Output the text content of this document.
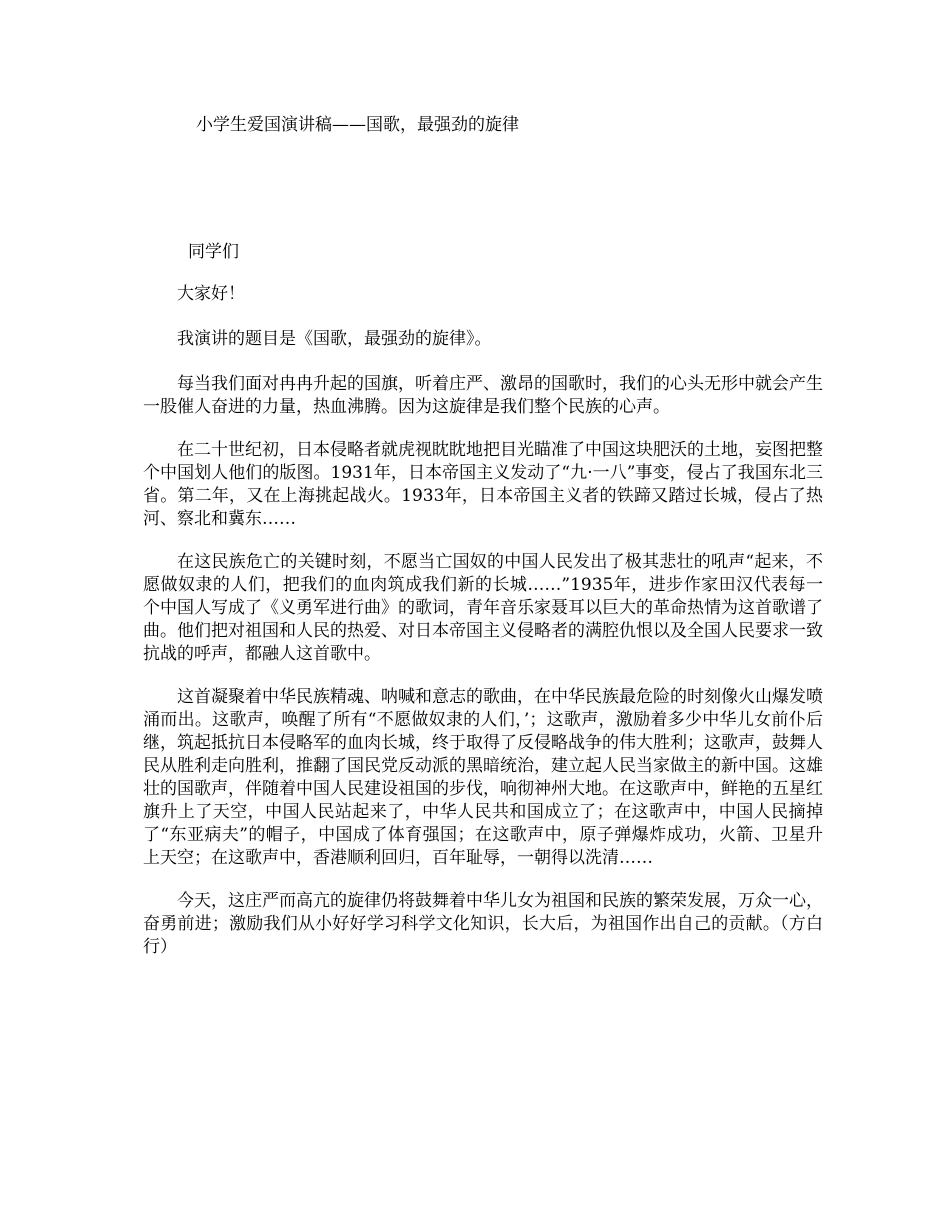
小学生爱国演讲稿——国歌，最强劲的旋律

同学们

大家好！

我演讲的题目是《国歌，最强劲的旋律》。

每当我们面对冉冉升起的国旗，听着庄严、激昂的国歌时，我们的心头无形中就会产生一股催人奋进的力量，热血沸腾。因为这旋律是我们整个民族的心声。

在二十世纪初，日本侵略者就虎视眈眈地把目光瞄准了中国这块肥沃的土地，妄图把整个中国划人他们的版图。1931年，日本帝国主义发动了“九·一八”事变，侵占了我国东北三省。第二年，又在上海挑起战火。1933年，日本帝国主义者的铁蹄又踏过长城，侵占了热河、察北和冀东……

在这民族危亡的关键时刻，不愿当亡国奴的中国人民发出了极其悲壮的吼声“起来，不愿做奴隶的人们，把我们的血肉筑成我们新的长城……”1935年，进步作家田汉代表每一个中国人写成了《义勇军进行曲》的歌词，青年音乐家聂耳以巨大的革命热情为这首歌谱了曲。他们把对祖国和人民的热爱、对日本帝国主义侵略者的满腔仇恨以及全国人民要求一致抗战的呼声，都融人这首歌中。

这首凝聚着中华民族精魂、呐喊和意志的歌曲，在中华民族最危险的时刻像火山爆发喷涌而出。这歌声，唤醒了所有“不愿做奴隶的人们，’；这歌声，激励着多少中华儿女前仆后继，筑起抵抗日本侵略军的血肉长城，终于取得了反侵略战争的伟大胜利；这歌声，鼓舞人民从胜利走向胜利，推翻了国民党反动派的黑暗统治，建立起人民当家做主的新中国。这雄壮的国歌声，伴随着中国人民建设祖国的步伐，响彻神州大地。在这歌声中，鲜艳的五星红旗升上了天空，中国人民站起来了，中华人民共和国成立了；在这歌声中，中国人民摘掉了“东亚病夫”的帽子，中国成了体育强国；在这歌声中，原子弹爆炸成功，火箭、卫星升上天空；在这歌声中，香港顺利回归，百年耻辱，一朝得以洗清……

今天，这庄严而高亢的旋律仍将鼓舞着中华儿女为祖国和民族的繁荣发展，万众一心，奋勇前进；激励我们从小好好学习科学文化知识，长大后，为祖国作出自己的贡献。（方白行）
